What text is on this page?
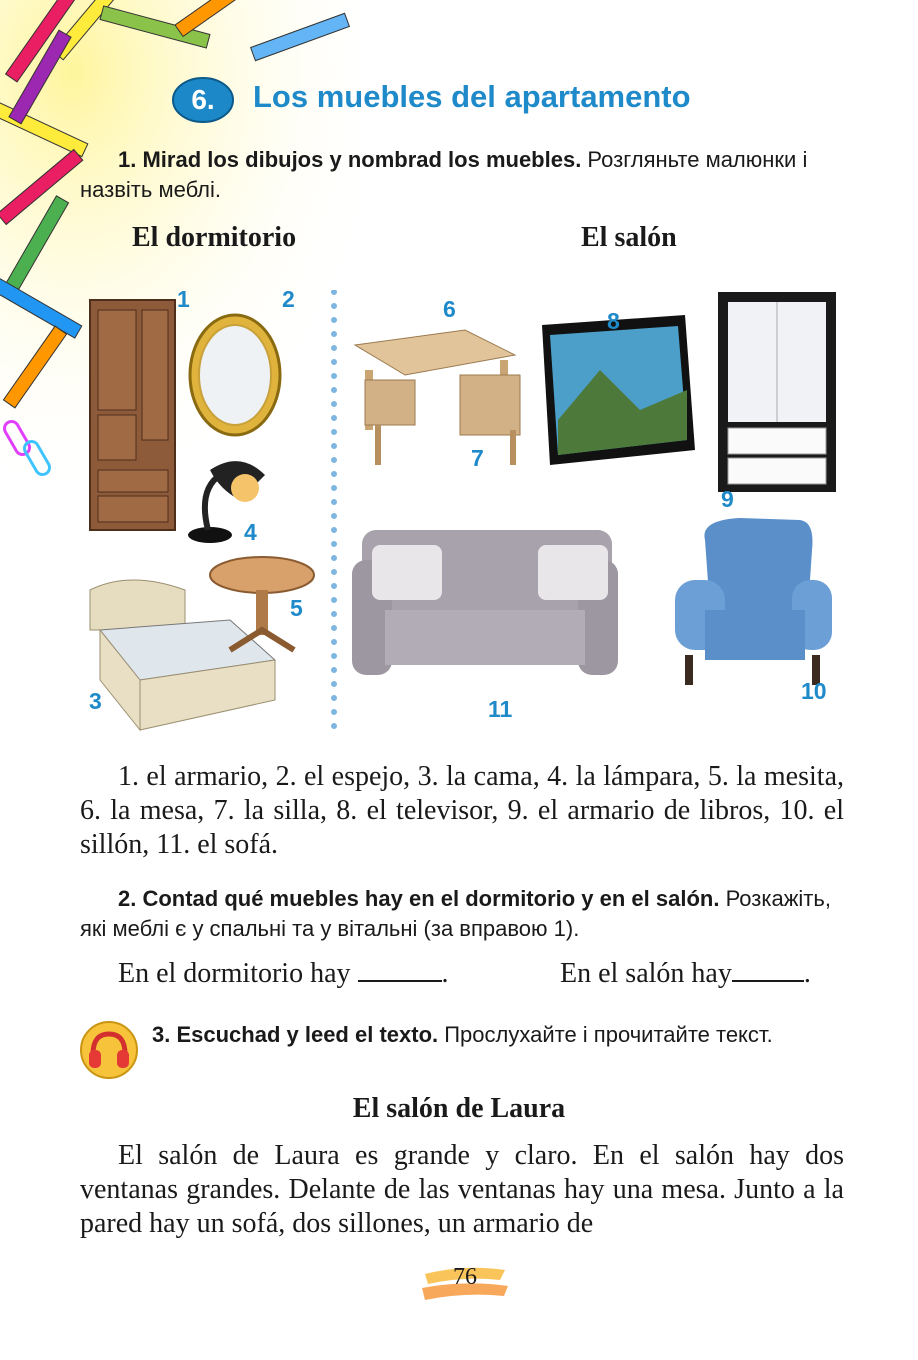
6.	Los muebles del apartamento
1. Mirad los dibujos y nombrad los muebles. Розгляньте малюнки і назвіть меблі.
El dormitorio	El salón
1	2
3
4
5
6
7
8
9
10
11
1. el armario, 2. el espejo, 3. la cama, 4. la lámpara, 5. la mesita, 6. la mesa, 7. la silla, 8. el televisor, 9. el armario de libros, 10. el sillón, 11. el sofá.
2. Contad qué muebles hay en el dormitorio y en el salón. Розкажіть, які меблі є у спальні та у вітальні (за вправою 1).
En el dormitorio hay	.	En el salón hay	.
3. Escuchad y leed el texto. Прослухайте і прочитайте текст.
El salón de Laura
El salón de Laura es grande y claro. En el salón hay dos ventanas grandes. Delante de las ventanas hay una mesa. Junto a la pared hay un sofá, dos sillones, un armario de
76
